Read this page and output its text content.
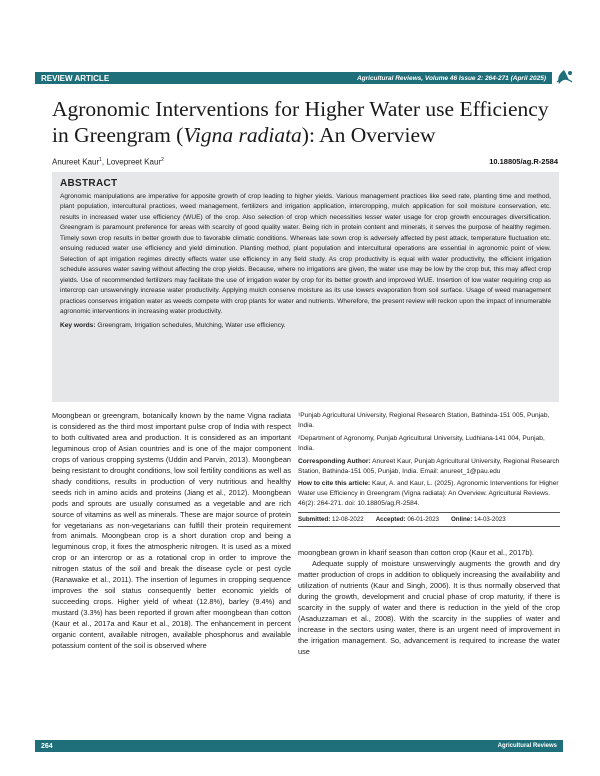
REVIEW ARTICLE	Agricultural Reviews, Volume 46 Issue 2: 264-271 (April 2025)
Agronomic Interventions for Higher Water use Efficiency in Greengram (Vigna radiata): An Overview
Anureet Kaur$^1$, Lovepreet Kaur$^2$	10.18805/ag.R-2584
ABSTRACT
Agronomic manipulations are imperative for apposite growth of crop leading to higher yields. Various management practices like seed rate, planting time and method, plant population, intercultural practices, weed management, fertilizers and irrigation application, intercropping, mulch application for soil moisture conservation, etc. results in increased water use efficiency (WUE) of the crop. Also selection of crop which necessities lesser water usage for crop growth encourages diversification. Greengram is paramount preference for areas with scarcity of good quality water. Being rich in protein content and minerals, it serves the purpose of healthy regimen. Timely sown crop results in better growth due to favorable climatic conditions. Whereas late sown crop is adversely affected by pest attack, temperature fluctuation etc. ensuing reduced water use efficiency and yield diminution. Planting method, plant population and intercultural operations are essential in agronomic point of view. Selection of apt irrigation regimes directly effects water use efficiency in any field study. As crop productivity is equal with water productivity, the efficient irrigation schedule assures water saving without affecting the crop yields. Because, where no irrigations are given, the water use may be low by the crop but, this may affect crop yields. Use of recommended fertilizers may facilitate the use of irrigation water by crop for its better growth and improved WUE. Insertion of low water requiring crop as intercrop can unswervingly increase water productivity. Applying mulch conserve moisture as its use lowers evaporation from soil surface. Usage of weed management practices conserves irrigation water as weeds compete with crop plants for water and nutrients. Wherefore, the present review will reckon upon the impact of innumerable agronomic interventions in increasing water productivity.
Key words: Greengram, Irrigation schedules, Mulching, Water use efficiency.
Moongbean or greengram, botanically known by the name Vigna radiata is considered as the third most important pulse crop of India with respect to both cultivated area and production. It is considered as an important leguminous crop of Asian countries and is one of the major component crops of various cropping systems (Uddin and Parvin, 2013). Moongbean being resistant to drought conditions, low soil fertility conditions as well as shady conditions, results in production of very nutritious and healthy seeds rich in amino acids and proteins (Jiang et al., 2012). Moongbean pods and sprouts are usually consumed as a vegetable and are rich source of vitamins as well as minerals. These are major source of protein for vegetarians as non-vegetarians can fulfill their protein requirement from animals. Moongbean crop is a short duration crop and being a leguminous crop, it fixes the atmospheric nitrogen. It is used as a mixed crop or an intercrop or as a rotational crop in order to improve the nitrogen status of the soil and break the disease cycle or pest cycle (Ranawake et al., 2011). The insertion of legumes in cropping sequence improves the soil status consequently better economic yields of succeeding crops. Higher yield of wheat (12.8%), barley (9.4%) and mustard (3.3%) has been reported if grown after moongbean than cotton (Kaur et al., 2017a and Kaur et al., 2018). The enhancement in percent organic content, available nitrogen, available phosphorus and available potassium content of the soil is observed where

¹Punjab Agricultural University, Regional Research Station, Bathinda-151 005, Punjab, India.

²Department of Agronomy, Punjab Agricultural University, Ludhiana-141 004, Punjab, India.

Corresponding Author: Anureet Kaur, Punjab Agricultural University, Regional Research Station, Bathinda-151 005, Punjab, India. Email: anureet_1@pau.edu

How to cite this article: Kaur, A. and Kaur, L. (2025). Agronomic Interventions for Higher Water use Efficiency in Greengram (Vigna radiata): An Overview. Agricultural Reviews. 46(2): 264-271. doi: 10.18805/ag.R-2584.

Submitted: 12-08-2022 Accepted: 06-01-2023 Online: 14-03-2023

moongbean grown in kharif season than cotton crop (Kaur et al., 2017b).

Adequate supply of moisture unswervingly augments the growth and dry matter production of crops in addition to obliquely increasing the availability and utilization of nutrients (Kaur and Singh, 2006). It is thus normally observed that during the growth, development and crucial phase of crop maturity, if there is scarcity in the supply of water and there is reduction in the yield of the crop (Asaduzzaman et al., 2008). With the scarcity in the supplies of water and increase in the sectors using water, there is an urgent need of improvement in the irrigation management. So, advancement is required to increase the water use

264	Agricultural Reviews
